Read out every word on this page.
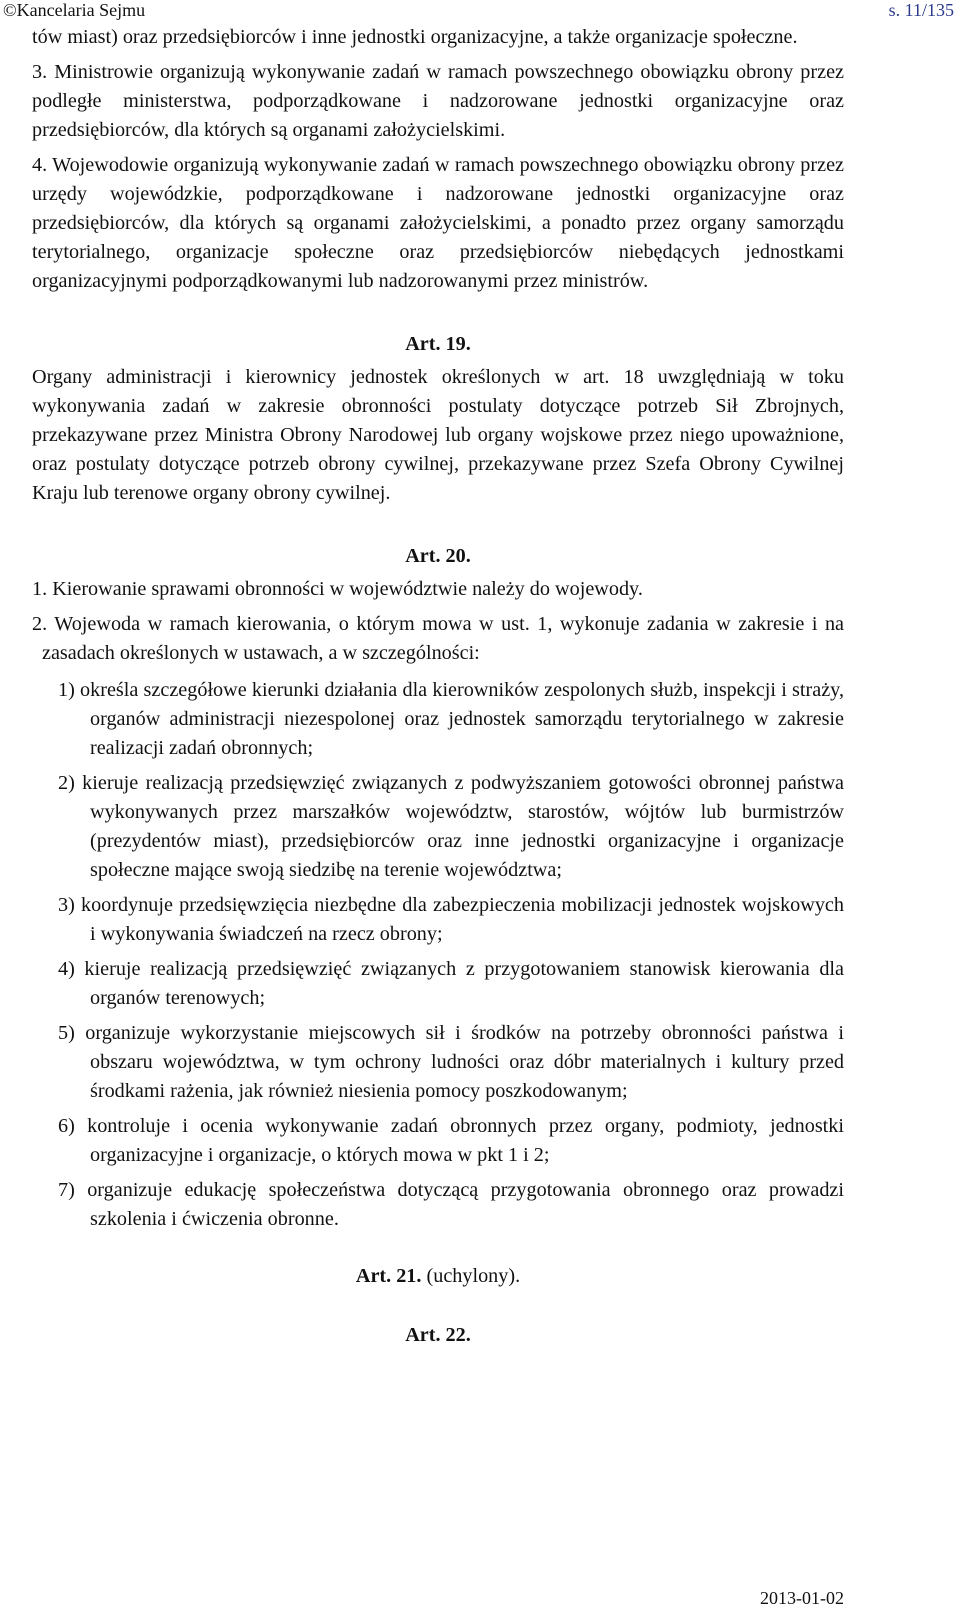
©Kancelaria Sejmu	s. 11/135

tów miast) oraz przedsiębiorców i inne jednostki organizacyjne, a także organizacje społeczne.

3. Ministrowie organizują wykonywanie zadań w ramach powszechnego obowiązku obrony przez podległe ministerstwa, podporządkowane i nadzorowane jednostki organizacyjne oraz przedsiębiorców, dla których są organami założycielskimi.

4. Wojewodowie organizują wykonywanie zadań w ramach powszechnego obowiązku obrony przez urzędy wojewódzkie, podporządkowane i nadzorowane jednostki organizacyjne oraz przedsiębiorców, dla których są organami założycielskimi, a ponadto przez organy samorządu terytorialnego, organizacje społeczne oraz przedsiębiorców niebędących jednostkami organizacyjnymi podporządkowanymi lub nadzorowanymi przez ministrów.

Art. 19.

Organy administracji i kierownicy jednostek określonych w art. 18 uwzględniają w toku wykonywania zadań w zakresie obronności postulaty dotyczące potrzeb Sił Zbrojnych, przekazywane przez Ministra Obrony Narodowej lub organy wojskowe przez niego upoważnione, oraz postulaty dotyczące potrzeb obrony cywilnej, przekazywane przez Szefa Obrony Cywilnej Kraju lub terenowe organy obrony cywilnej.

Art. 20.

1. Kierowanie sprawami obronności w województwie należy do wojewody.

2. Wojewoda w ramach kierowania, o którym mowa w ust. 1, wykonuje zadania w zakresie i na zasadach określonych w ustawach, a w szczególności:

1) określa szczegółowe kierunki działania dla kierowników zespolonych służb, inspekcji i straży, organów administracji niezespolonej oraz jednostek samorządu terytorialnego w zakresie realizacji zadań obronnych;
2) kieruje realizacją przedsięwzięć związanych z podwyższaniem gotowości obronnej państwa wykonywanych przez marszałków województw, starostów, wójtów lub burmistrzów (prezydentów miast), przedsiębiorców oraz inne jednostki organizacyjne i organizacje społeczne mające swoją siedzibę na terenie województwa;
3) koordynuje przedsięwzięcia niezbędne dla zabezpieczenia mobilizacji jednostek wojskowych i wykonywania świadczeń na rzecz obrony;
4) kieruje realizacją przedsięwzięć związanych z przygotowaniem stanowisk kierowania dla organów terenowych;
5) organizuje wykorzystanie miejscowych sił i środków na potrzeby obronności państwa i obszaru województwa, w tym ochrony ludności oraz dóbr materialnych i kultury przed środkami rażenia, jak również niesienia pomocy poszkodowanym;
6) kontroluje i ocenia wykonywanie zadań obronnych przez organy, podmioty, jednostki organizacyjne i organizacje, o których mowa w pkt 1 i 2;
7) organizuje edukację społeczeństwa dotyczącą przygotowania obronnego oraz prowadzi szkolenia i ćwiczenia obronne.

Art. 21. (uchylony).

Art. 22.

2013-01-02
